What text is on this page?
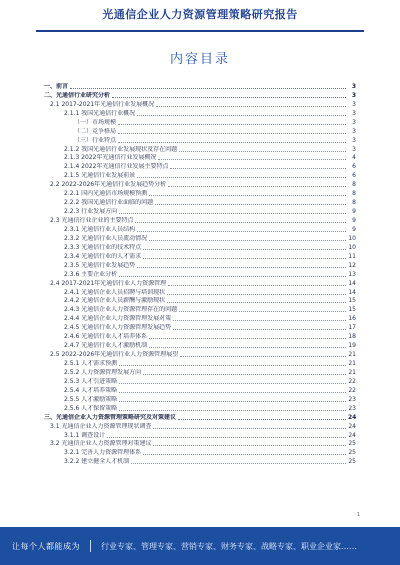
光通信企业人力资源管理策略研究报告
内容目录
一、前言	3
二、光通信行业研究分析	3
2.1 2017-2021年光通信行业发展概况	3
2.1.1 我国光通信行业概况	3
（一）市场规模	3
（二）竞争格局	3
（三）行业特点	3
2.1.2 我国光通信行业发展现状及存在问题	3
2.1.3 2022年光通信行业发展概况	4
2.1.4 2022年光通信行业发展主要特点	6
2.1.5 光通信行业发展前景	6
2.2 2022-2026年光通信行业发展趋势分析	8
2.2.1 国内光通信市场规模预测	8
2.2.2 我国光通信行业面临的问题	8
2.2.3 行业发展方向	9
2.3 光通信行业企业的主要特点	9
2.3.1 光通信行业人员结构	9
2.3.2 光通信行业人员流动情况	10
2.3.3 光通信行业的技术特点	10
2.3.4 光通信行业的人才需求	11
2.3.5 光通信行业发展趋势	12
2.3.6 主要企业分析	13
2.4 2017-2021年光通信行业人力资源管理	14
2.4.1 光通信企业人员招聘与培训现状	14
2.4.2 光通信企业人员薪酬与激励现状	15
2.4.3 光通信企业人力资源管理存在的问题	15
2.4.4 光通信企业人力资源管理发展对策	16
2.4.5 光通信行业人力资源管理发展趋势	17
2.4.6 光通信行业人才培养体系	18
2.4.7 光通信行业人才激励机制	19
2.5 2022-2026年光通信行业人力资源管理展望	21
2.5.1 人才需求预测	21
2.5.2 人力资源管理发展方向	21
2.5.3 人才引进策略	22
2.5.4 人才培养策略	22
2.5.5 人才激励策略	23
2.5.6 人才保留策略	23
三、光通信企业人力资源管理策略研究及对策建议	24
3.1 光通信企业人力资源管理现状调查	24
3.1.1 调查设计	24
3.2 光通信企业人力资源管理对策建议	25
3.2.1 完善人力资源管理体系	25
3.2.2 建立健全人才机制	25
1
让每个人都能成为	行业专家、管理专家、营销专家、财务专家、战略专家、职业企业家……
